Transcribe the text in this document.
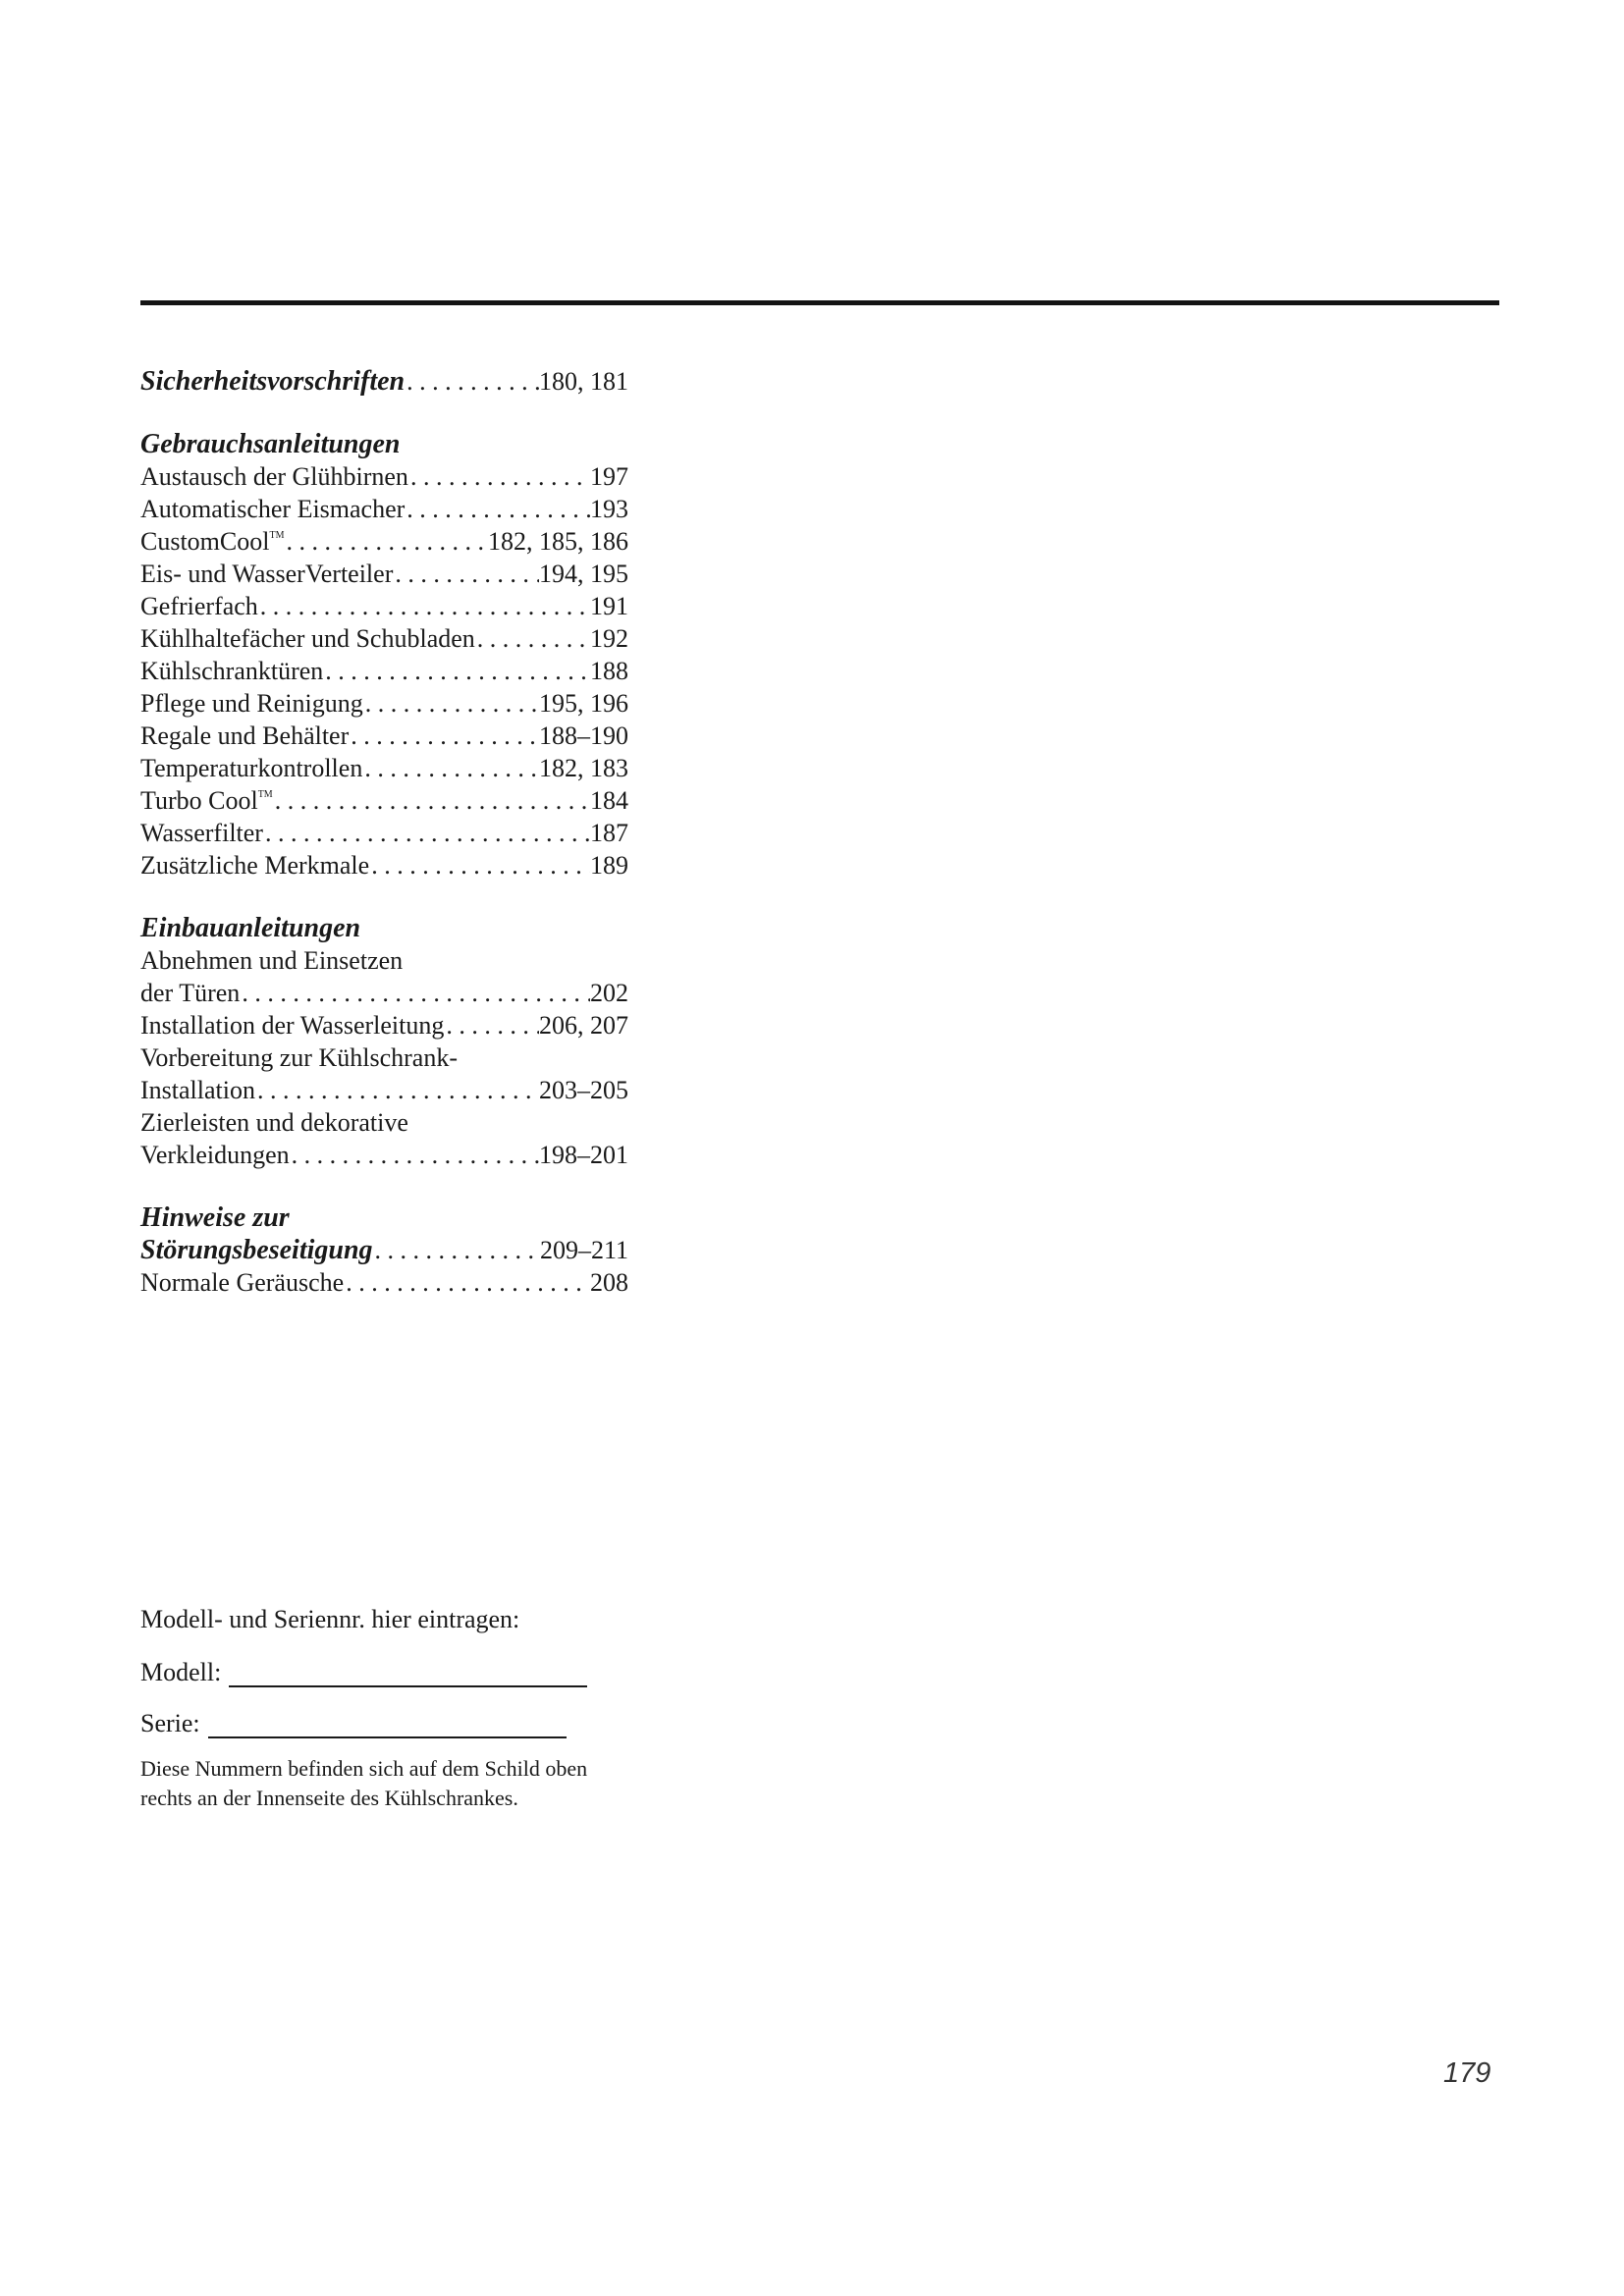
Sicherheitsvorschriften . . .	180, 181
Gebrauchsanleitungen
Austausch der Glühbirnen . . .	197
Automatischer Eismacher . . .	193
CustomCool™ . . .	182, 185, 186
Eis- und WasserVerteiler . . .	194, 195
Gefrierfach . . .	191
Kühlhaltefächer und Schubladen . . .	192
Kühlschranktüren . . .	188
Pflege und Reinigung . . .	195, 196
Regale und Behälter . . .	188–190
Temperaturkontrollen . . .	182, 183
Turbo Cool™ . . .	184
Wasserfilter . . .	187
Zusätzliche Merkmale . . .	189
Einbauanleitungen
Abnehmen und Einsetzen
der Türen . . .	202
Installation der Wasserleitung . . .	206, 207
Vorbereitung zur Kühlschrank-
Installation . . .	203–205
Zierleisten und dekorative
Verkleidungen . . .	198–201
Hinweise zur
Störungsbeseitigung . . .	209–211
Normale Geräusche . . .	208
Modell- und Seriennr. hier eintragen:
Modell:
Serie:
Diese Nummern befinden sich auf dem Schild oben rechts an der Innenseite des Kühlschrankes.
179
